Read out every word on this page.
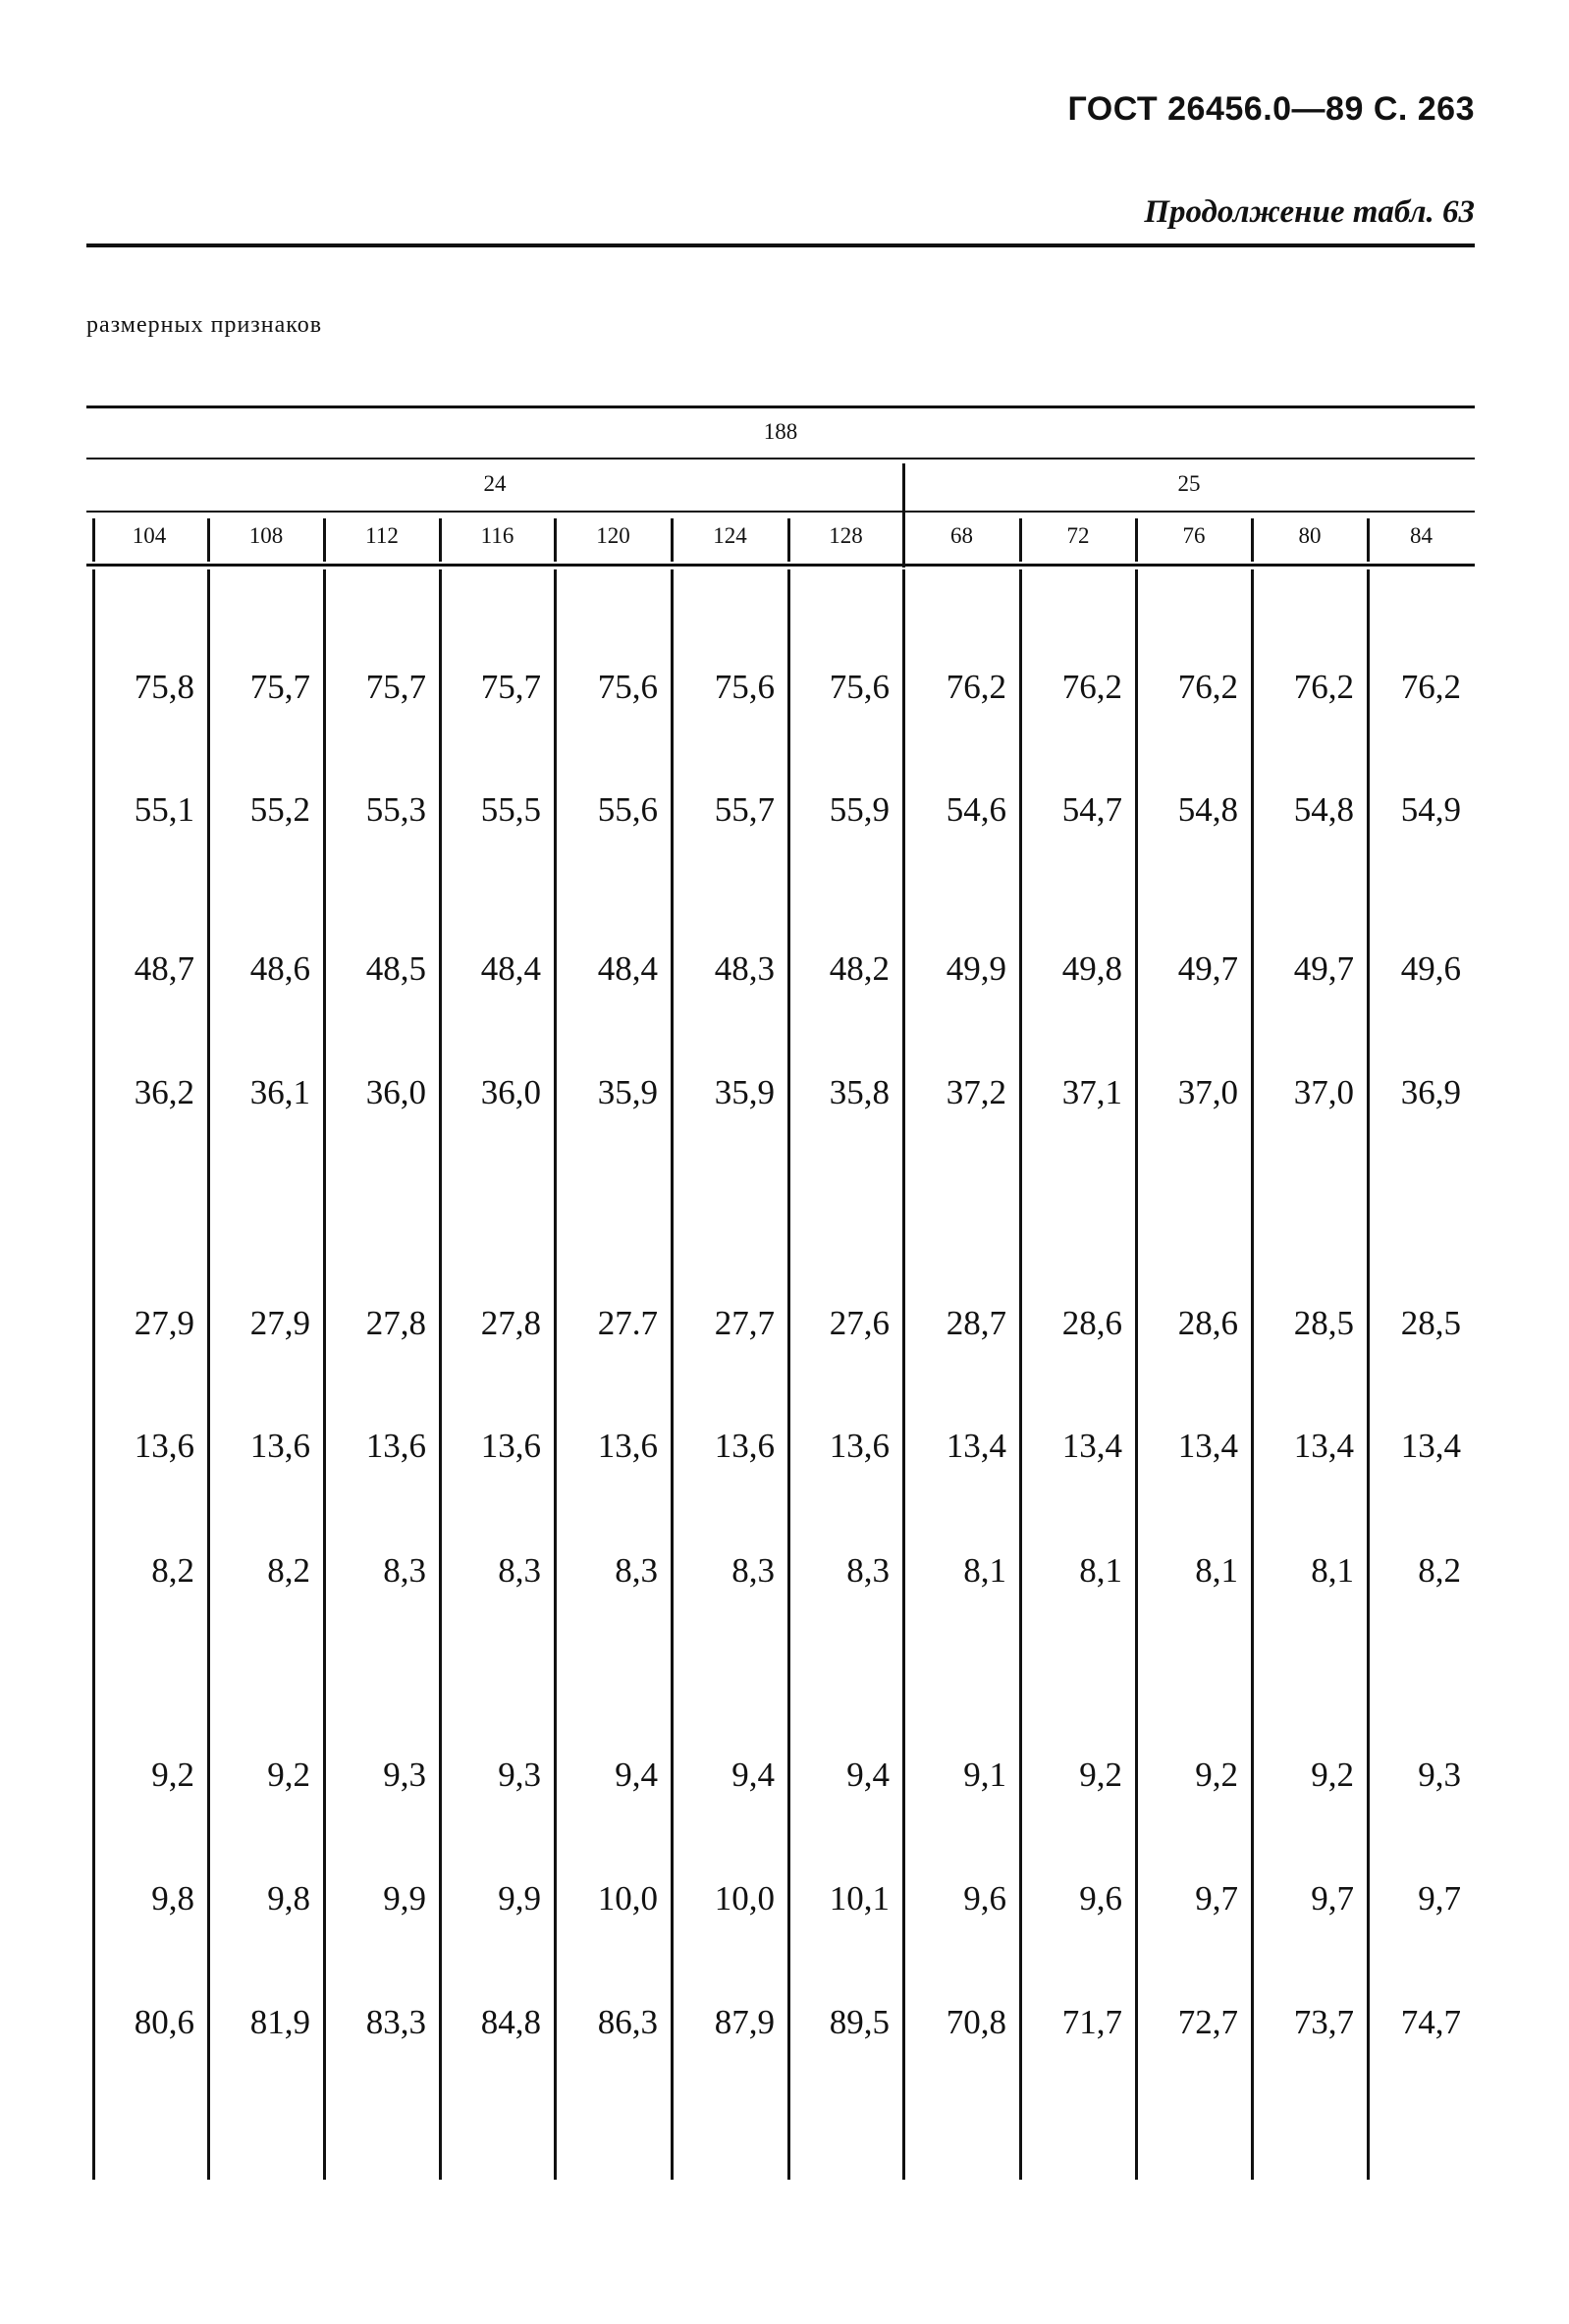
ГОСТ 26456.0—89 С. 263
Продолжение табл. 63
размерных признаков
188
24	25
104	108	112	116	120	124	128	68	72	76	80	84
75,8	75,7	75,7	75,7	75,6	75,6	75,6	76,2	76,2	76,2	76,2	76,2
55,1	55,2	55,3	55,5	55,6	55,7	55,9	54,6	54,7	54,8	54,8	54,9
48,7	48,6	48,5	48,4	48,4	48,3	48,2	49,9	49,8	49,7	49,7	49,6
36,2	36,1	36,0	36,0	35,9	35,9	35,8	37,2	37,1	37,0	37,0	36,9
27,9	27,9	27,8	27,8	27.7	27,7	27,6	28,7	28,6	28,6	28,5	28,5
13,6	13,6	13,6	13,6	13,6	13,6	13,6	13,4	13,4	13,4	13,4	13,4
8,2	8,2	8,3	8,3	8,3	8,3	8,3	8,1	8,1	8,1	8,1	8,2
9,2	9,2	9,3	9,3	9,4	9,4	9,4	9,1	9,2	9,2	9,2	9,3
9,8	9,8	9,9	9,9	10,0	10,0	10,1	9,6	9,6	9,7	9,7	9,7
80,6	81,9	83,3	84,8	86,3	87,9	89,5	70,8	71,7	72,7	73,7	74,7
